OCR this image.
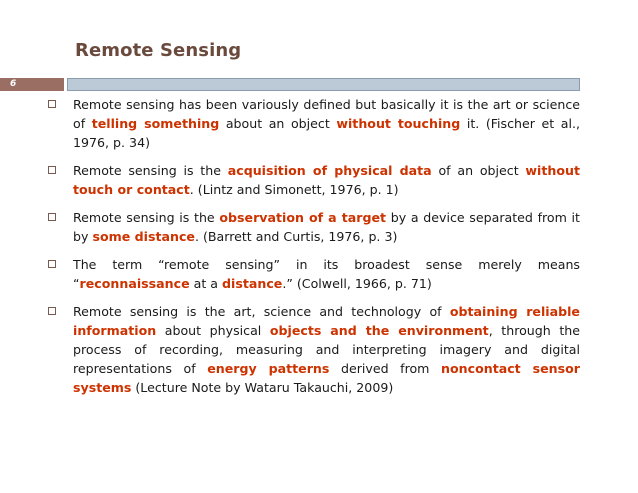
Remote Sensing
6
Remote sensing has been variously defined but basically it is the art or science of telling something about an object without touching it. (Fischer et al., 1976, p. 34)
Remote sensing is the acquisition of physical data of an object without touch or contact. (Lintz and Simonett, 1976, p. 1)
Remote sensing is the observation of a target by a device separated from it by some distance. (Barrett and Curtis, 1976, p. 3)
The term “remote sensing” in its broadest sense merely means “reconnaissance at a distance.” (Colwell, 1966, p. 71)
Remote sensing is the art, science and technology of obtaining reliable information about physical objects and the environment, through the process of recording, measuring and interpreting imagery and digital representations of energy patterns derived from noncontact sensor systems (Lecture Note by Wataru Takauchi, 2009)
